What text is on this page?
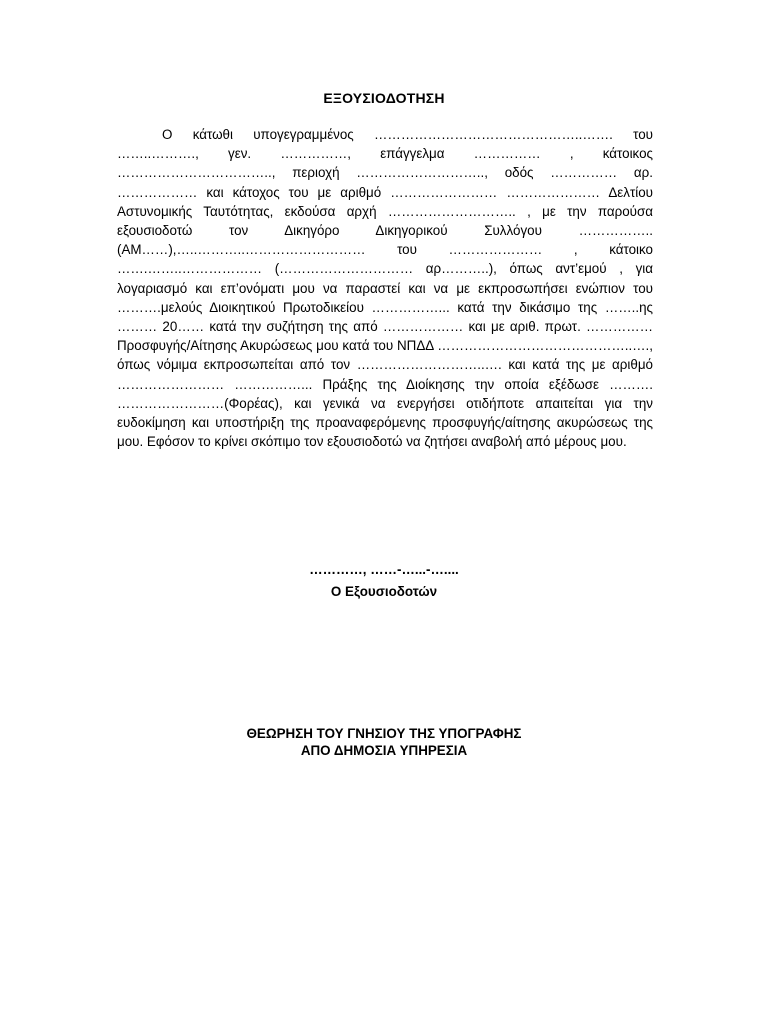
ΕΞΟΥΣΙΟΔΟΤΗΣΗ

Ο κάτωθι υπογεγραμμένος ………………………………………..……. του ……..………., γεν. ……………, επάγγελμα …………… , κάτοικος …………………………….., περιοχή ……………………….., οδός …………… αρ. ……………… και κάτοχος του με αριθμό …………………… ………………… Δελτίου Αστυνομικής Ταυτότητας, εκδούσα αρχή ……………………….. , με την παρούσα εξουσιοδοτώ τον Δικηγόρο Δικηγορικού Συλλόγου ……………..(ΑΜ……),…..………..……………………… του ………………… , κάτοικο …….……..……………… (………………………… αρ………..), όπως αντ’εμού , για λογαριασμό και επ’ονόματι μου να παραστεί και να με εκπροσωπήσει ενώπιον του ……….μελούς Διοικητικού Πρωτοδικείου ……………... κατά την δικάσιμο της ……..ης ……… 20…… κατά την συζήτηση της από ……………… και με αριθ. πρωτ. …………… Προσφυγής/Αίτησης Ακυρώσεως μου κατά του ΝΠΔΔ ……………………………………..…., όπως νόμιμα εκπροσωπείται από τον ………………………..…. και κατά της με αριθμό …………………… ……………... Πράξης της Διοίκησης την οποία εξέδωσε ………. ……………………(Φορέας), και γενικά να ενεργήσει οτιδήποτε απαιτείται για την ευδοκίμηση και υποστήριξη της προαναφερόμενης προσφυγής/αίτησης ακυρώσεως της μου. Εφόσον το κρίνει σκόπιμο τον εξουσιοδοτώ να ζητήσει αναβολή από μέρους μου.

…………, ……-…...-…....
Ο Εξουσιοδοτών
ΘΕΩΡΗΣΗ ΤΟΥ ΓΝΗΣΙΟΥ ΤΗΣ ΥΠΟΓΡΑΦΗΣ
ΑΠΟ ΔΗΜΟΣΙΑ ΥΠΗΡΕΣΙΑ
